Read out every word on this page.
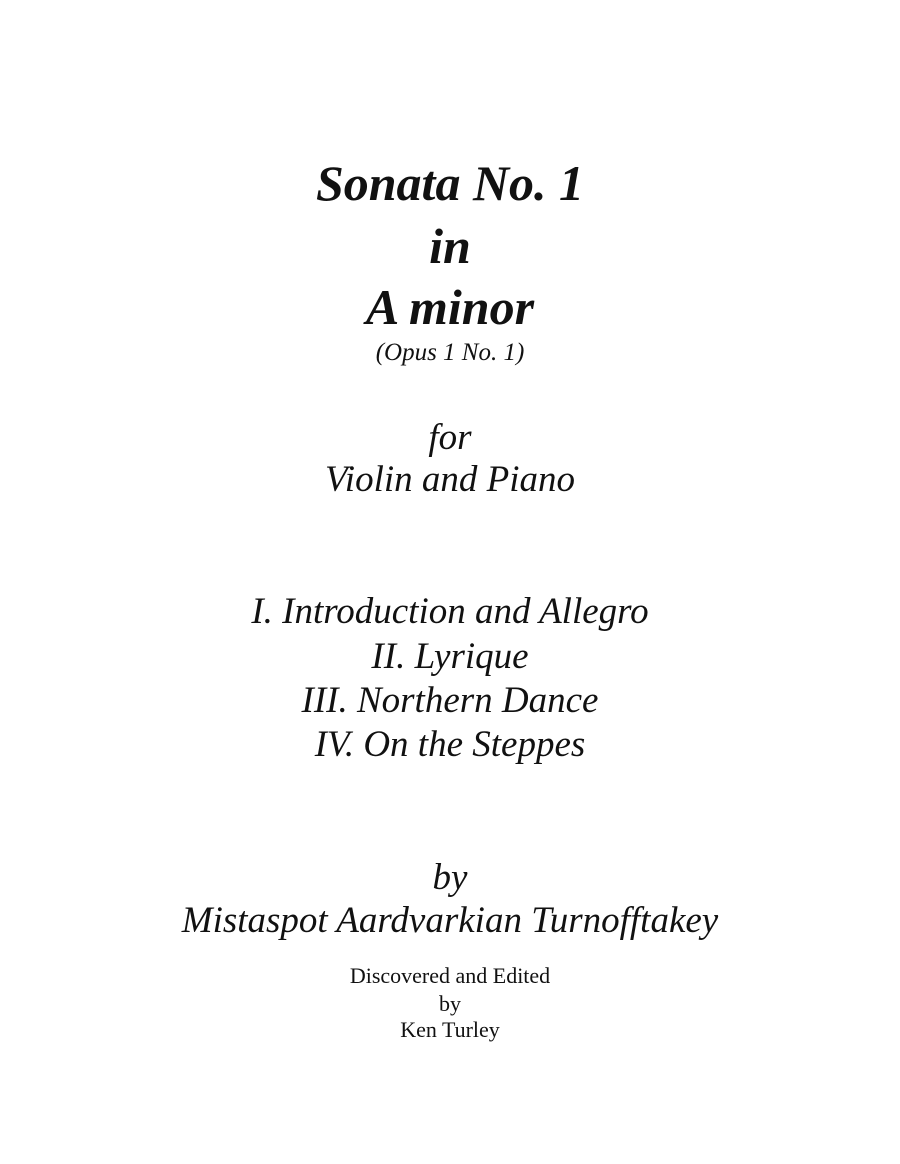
Sonata No. 1
in
A minor
(Opus 1 No. 1)
for
Violin and Piano
I. Introduction and Allegro
II. Lyrique
III. Northern Dance
IV. On the Steppes
by
Mistaspot Aardvarkian Turnofftakey
Discovered and Edited
by
Ken Turley
